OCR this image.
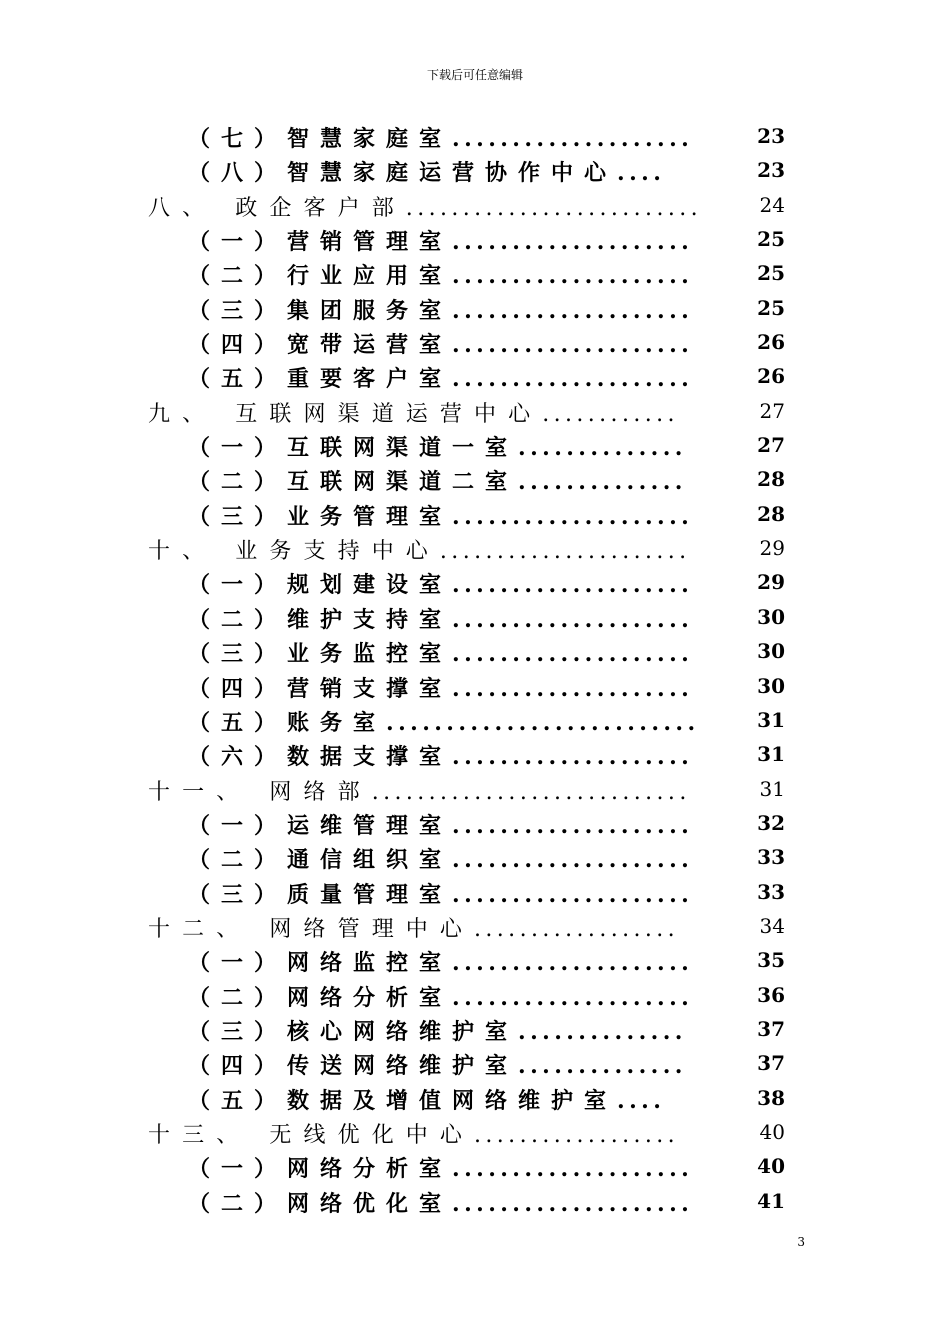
下载后可任意编辑
（七）智慧家庭室....................	23
（八）智慧家庭运营协作中心....	23
八、 政企客户部..........................	24
（一）营销管理室....................	25
（二）行业应用室....................	25
（三）集团服务室....................	25
（四）宽带运营室....................	26
（五）重要客户室....................	26
九、 互联网渠道运营中心............	27
（一）互联网渠道一室..............	27
（二）互联网渠道二室..............	28
（三）业务管理室....................	28
十、 业务支持中心......................	29
（一）规划建设室....................	29
（二）维护支持室....................	30
（三）业务监控室....................	30
（四）营销支撑室....................	30
（五）账务室..........................	31
（六）数据支撑室....................	31
十一、 网络部............................	31
（一）运维管理室....................	32
（二）通信组织室....................	33
（三）质量管理室....................	33
十二、 网络管理中心..................	34
（一）网络监控室....................	35
（二）网络分析室....................	36
（三）核心网络维护室..............	37
（四）传送网络维护室..............	37
（五）数据及增值网络维护室....	38
十三、 无线优化中心..................	40
（一）网络分析室....................	40
（二）网络优化室....................	41
3
